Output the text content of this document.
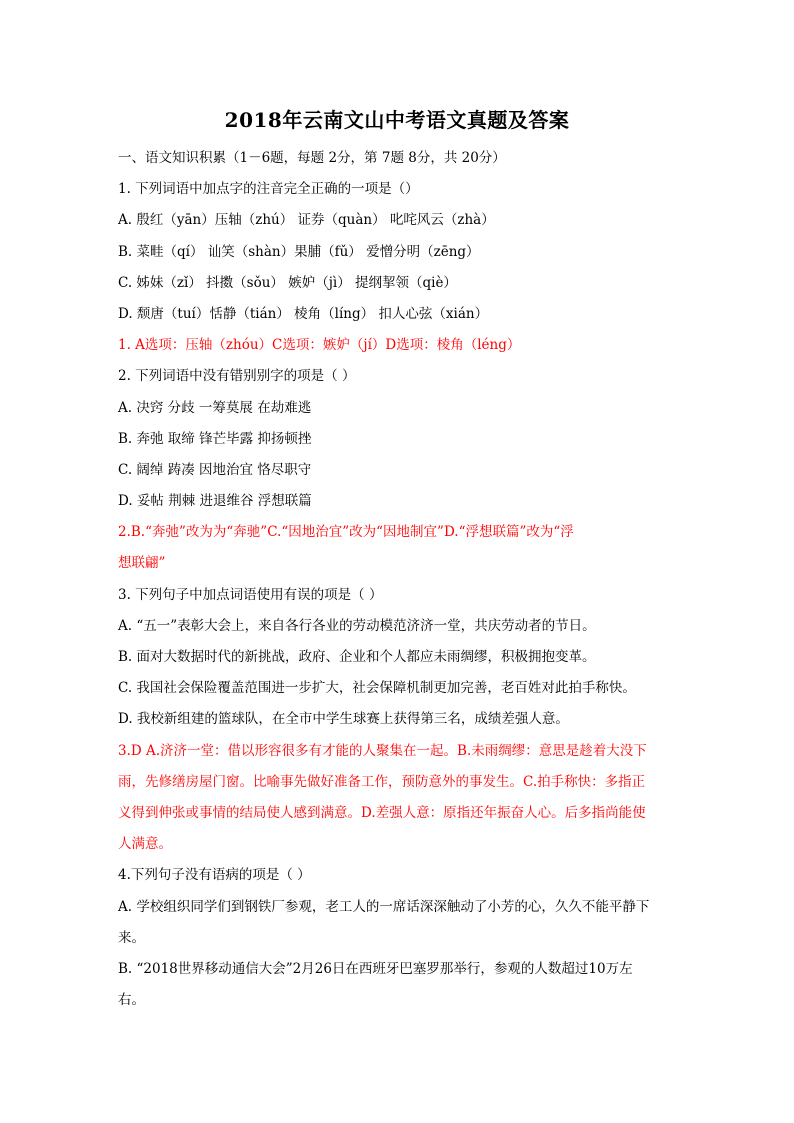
2018年云南文山中考语文真题及答案
一、语文知识积累（1－6题，每题 2分，第 7题 8分，共 20分）
1. 下列词语中加点字的注音完全正确的一项是（）
A. 殷红（yān）压轴（zhú） 证券（quàn） 叱咤风云（zhà）
B. 菜畦（qí） 讪笑（shàn）果脯（fǔ） 爱憎分明（zēng）
C. 姊妹（zǐ） 抖擞（sǒu） 嫉妒（jì） 提纲挈领（qiè）
D. 颓唐（tuí）恬静（tián） 棱角（líng） 扣人心弦（xián）
1. A选项：压轴（zhóu）C选项：嫉妒（jí）D选项：棱角（léng）
2. 下列词语中没有错别别字的项是（ ）
A. 决窍 分歧 一筹莫展 在劫难逃
B. 奔弛 取缔 锋芒毕露 抑扬顿挫
C. 阔绰 踌凑 因地治宜 恪尽职守
D. 妥帖 荆棘 进退维谷 浮想联篇
2.B.“奔弛”改为为“奔驰”C.“因地治宜”改为“因地制宜”D.“浮想联篇”改为“浮
想联翩”
3. 下列句子中加点词语使用有误的项是（ ）
A. “五一”表彰大会上，来自各行各业的劳动模范济济一堂，共庆劳动者的节日。
B. 面对大数据时代的新挑战，政府、企业和个人都应未雨绸缪，积极拥抱变革。
C. 我国社会保险覆盖范围进一步扩大，社会保障机制更加完善，老百姓对此拍手称快。
D. 我校新组建的篮球队，在全市中学生球赛上获得第三名，成绩差强人意。
3.D A.济济一堂：借以形容很多有才能的人聚集在一起。B.未雨绸缪：意思是趁着大没下
雨，先修缮房屋门窗。比喻事先做好准备工作，预防意外的事发生。C.拍手称快：多指正
义得到伸张或事情的结局使人感到满意。D.差强人意：原指还年振奋人心。后多指尚能使
人满意。
4.下列句子没有语病的项是（ ）
A. 学校组织同学们到钢铁厂参观，老工人的一席话深深触动了小芳的心，久久不能平静下
来。
B. “2018世界移动通信大会”2月26日在西班牙巴塞罗那举行，参观的人数超过10万左
右。
